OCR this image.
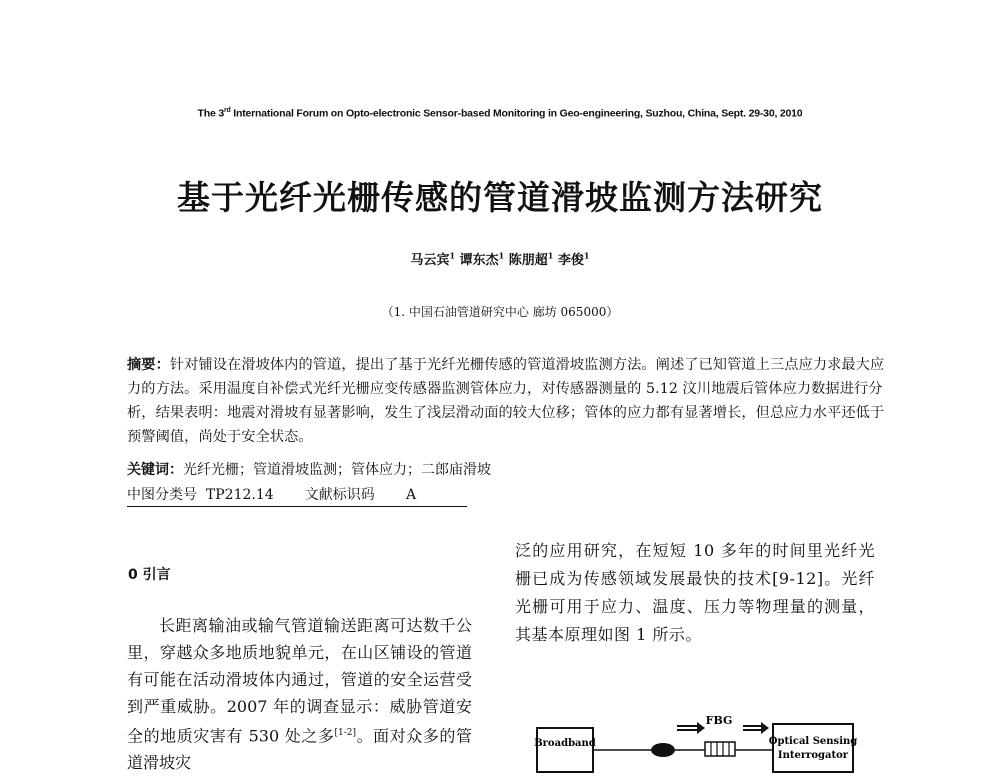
The 3rd International Forum on Opto-electronic Sensor-based Monitoring in Geo-engineering, Suzhou, China, Sept. 29-30, 2010
基于光纤光栅传感的管道滑坡监测方法研究
马云宾$^1$ 谭东杰$^1$ 陈朋超$^1$ 李俊$^1$
（1. 中国石油管道研究中心 廊坊 065000）
摘要：针对铺设在滑坡体内的管道，提出了基于光纤光栅传感的管道滑坡监测方法。阐述了已知管道上三点应力求最大应力的方法。采用温度自补偿式光纤光栅应变传感器监测管体应力，对传感器测量的 5.12 汶川地震后管体应力数据进行分析，结果表明：地震对滑坡有显著影响，发生了浅层滑动面的较大位移；管体的应力都有显著增长，但总应力水平还低于预警阈值，尚处于安全状态。
关键词：光纤光栅；管道滑坡监测；管体应力；二郎庙滑坡
中图分类号 TP212.14 文献标识码 A
0 引言

长距离输油或输气管道输送距离可达数千公里，穿越众多地质地貌单元，在山区铺设的管道有可能在活动滑坡体内通过，管道的安全运营受到严重威胁。2007 年的调查显示：威胁管道安全的地质灾害有 530 处之多[1-2]。面对众多的管道滑坡灾

泛的应用研究，在短短 10 多年的时间里光纤光栅已成为传感领域发展最快的技术[9-12]。光纤光栅可用于应力、温度、压力等物理量的测量，其基本原理如图 1 所示。

Broadband
FBG
Optical Sensing
Interrogator
